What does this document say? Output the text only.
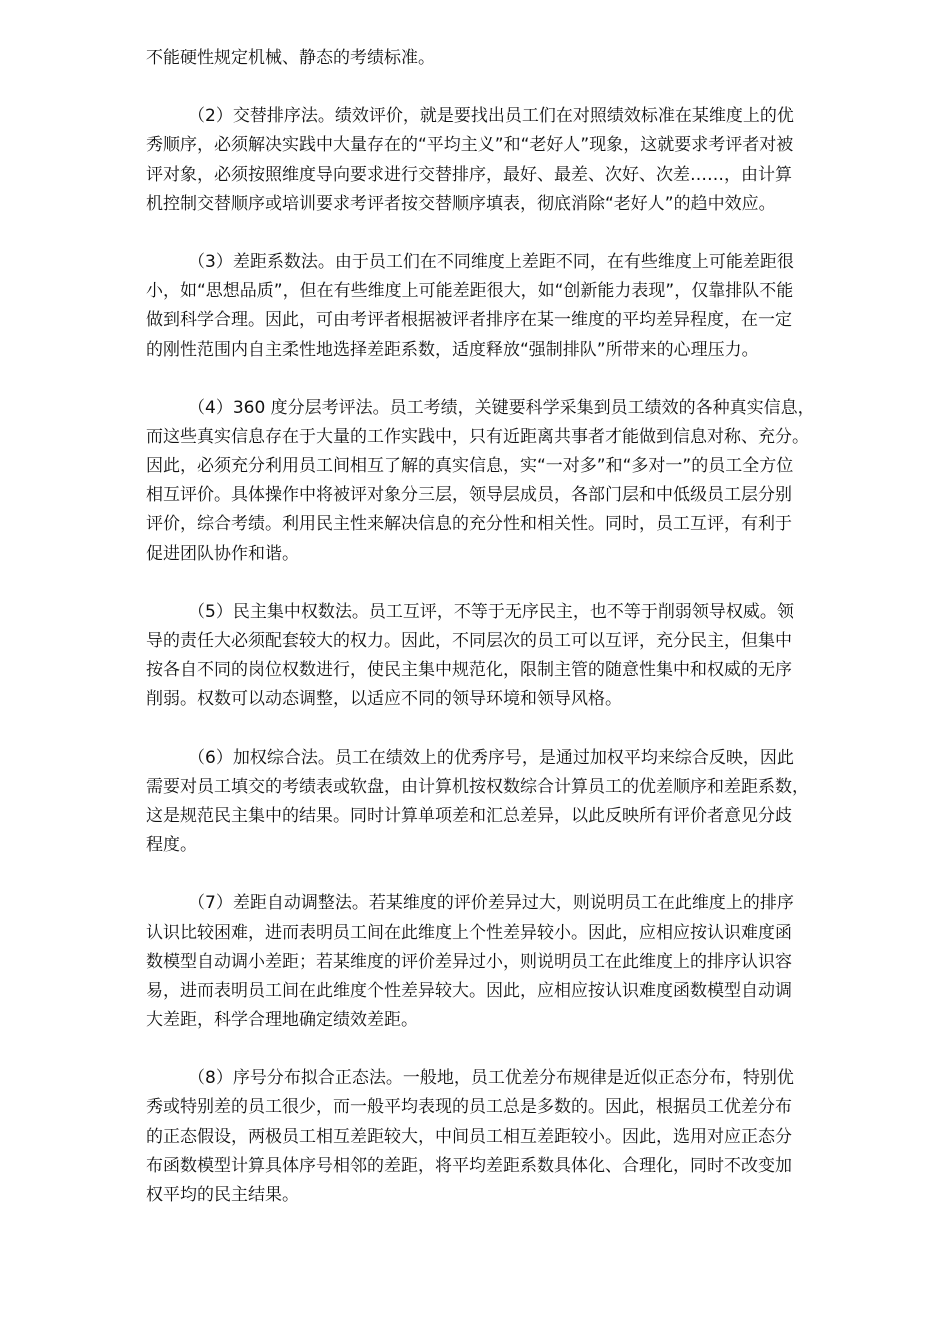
不能硬性规定机械、静态的考绩标准。
（2）交替排序法。绩效评价，就是要找出员工们在对照绩效标准在某维度上的优
秀顺序，必须解决实践中大量存在的“平均主义”和“老好人”现象，这就要求考评者对被
评对象，必须按照维度导向要求进行交替排序，最好、最差、次好、次差……，由计算
机控制交替顺序或培训要求考评者按交替顺序填表，彻底消除“老好人”的趋中效应。
（3）差距系数法。由于员工们在不同维度上差距不同，在有些维度上可能差距很
小，如“思想品质”，但在有些维度上可能差距很大，如“创新能力表现”，仅靠排队不能
做到科学合理。因此，可由考评者根据被评者排序在某一维度的平均差异程度，在一定
的刚性范围内自主柔性地选择差距系数，适度释放“强制排队”所带来的心理压力。
（4）360 度分层考评法。员工考绩，关键要科学采集到员工绩效的各种真实信息，
而这些真实信息存在于大量的工作实践中，只有近距离共事者才能做到信息对称、充分。
因此，必须充分利用员工间相互了解的真实信息，实“一对多”和“多对一”的员工全方位
相互评价。具体操作中将被评对象分三层，领导层成员，各部门层和中低级员工层分别
评价，综合考绩。利用民主性来解决信息的充分性和相关性。同时，员工互评，有利于
促进团队协作和谐。
（5）民主集中权数法。员工互评，不等于无序民主，也不等于削弱领导权威。领
导的责任大必须配套较大的权力。因此，不同层次的员工可以互评，充分民主，但集中
按各自不同的岗位权数进行，使民主集中规范化，限制主管的随意性集中和权威的无序
削弱。权数可以动态调整，以适应不同的领导环境和领导风格。
（6）加权综合法。员工在绩效上的优秀序号，是通过加权平均来综合反映，因此
需要对员工填交的考绩表或软盘，由计算机按权数综合计算员工的优差顺序和差距系数，
这是规范民主集中的结果。同时计算单项差和汇总差异，以此反映所有评价者意见分歧
程度。
（7）差距自动调整法。若某维度的评价差异过大，则说明员工在此维度上的排序
认识比较困难，进而表明员工间在此维度上个性差异较小。因此，应相应按认识难度函
数模型自动调小差距；若某维度的评价差异过小，则说明员工在此维度上的排序认识容
易，进而表明员工间在此维度个性差异较大。因此，应相应按认识难度函数模型自动调
大差距，科学合理地确定绩效差距。
（8）序号分布拟合正态法。一般地，员工优差分布规律是近似正态分布，特别优
秀或特别差的员工很少，而一般平均表现的员工总是多数的。因此，根据员工优差分布
的正态假设，两极员工相互差距较大，中间员工相互差距较小。因此，选用对应正态分
布函数模型计算具体序号相邻的差距，将平均差距系数具体化、合理化，同时不改变加
权平均的民主结果。
